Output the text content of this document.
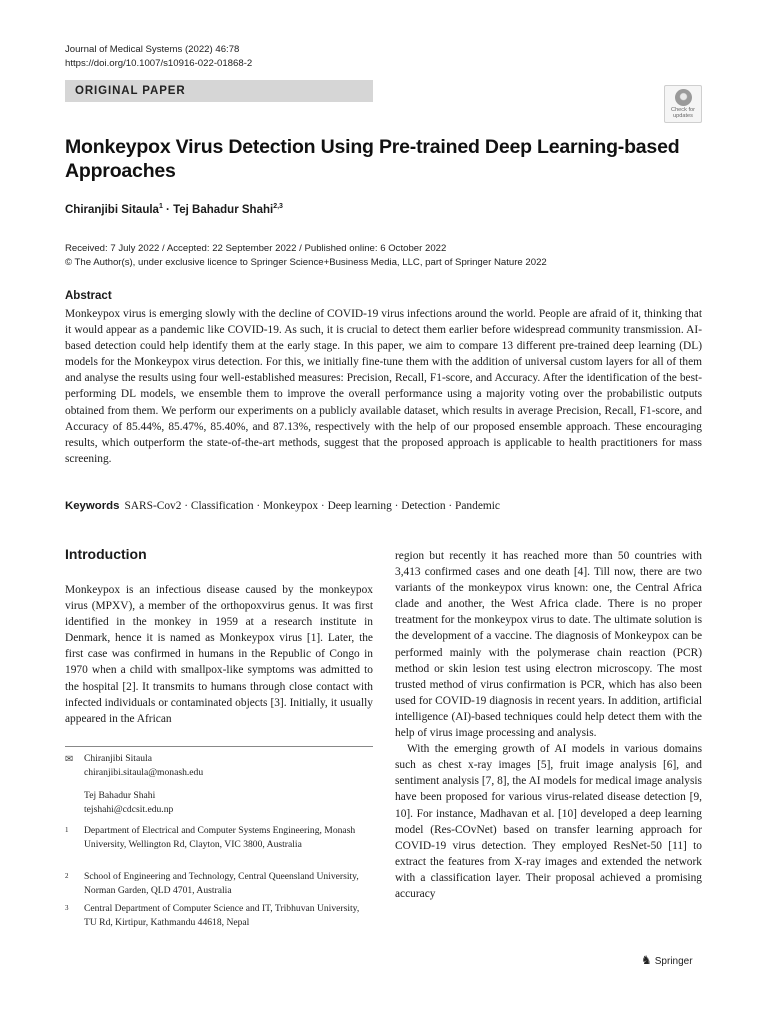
Journal of Medical Systems (2022) 46:78
https://doi.org/10.1007/s10916-022-01868-2
ORIGINAL PAPER
Check for updates
Monkeypox Virus Detection Using Pre-trained Deep Learning-based Approaches
Chiranjibi Sitaula$^1$ · Tej Bahadur Shahi$^{2,3}$
Received: 7 July 2022 / Accepted: 22 September 2022 / Published online: 6 October 2022
© The Author(s), under exclusive licence to Springer Science+Business Media, LLC, part of Springer Nature 2022
Abstract
Monkeypox virus is emerging slowly with the decline of COVID-19 virus infections around the world. People are afraid of it, thinking that it would appear as a pandemic like COVID-19. As such, it is crucial to detect them earlier before widespread community transmission. AI-based detection could help identify them at the early stage. In this paper, we aim to compare 13 different pre-trained deep learning (DL) models for the Monkeypox virus detection. For this, we initially fine-tune them with the addition of universal custom layers for all of them and analyse the results using four well-established measures: Precision, Recall, F1-score, and Accuracy. After the identification of the best-performing DL models, we ensemble them to improve the overall performance using a majority voting over the probabilistic outputs obtained from them. We perform our experiments on a publicly available dataset, which results in average Precision, Recall, F1-score, and Accuracy of 85.44%, 85.47%, 85.40%, and 87.13%, respectively with the help of our proposed ensemble approach. These encouraging results, which outperform the state-of-the-art methods, suggest that the proposed approach is applicable to health practitioners for mass screening.
Keywords SARS-Cov2 · Classification · Monkeypox · Deep learning · Detection · Pandemic
Introduction
Monkeypox is an infectious disease caused by the monkeypox virus (MPXV), a member of the orthopoxvirus genus. It was first identified in the monkey in 1959 at a research institute in Denmark, hence it is named as Monkeypox virus [1]. Later, the first case was confirmed in humans in the Republic of Congo in 1970 when a child with smallpox-like symptoms was admitted to the hospital [2]. It transmits to humans through close contact with infected individuals or contaminated objects [3]. Initially, it usually appeared in the African

region but recently it has reached more than 50 countries with 3,413 confirmed cases and one death [4]. Till now, there are two variants of the monkeypox virus known: one, the Central Africa clade and another, the West Africa clade. There is no proper treatment for the monkeypox virus to date. The ultimate solution is the development of a vaccine. The diagnosis of Monkeypox can be performed mainly with the polymerase chain reaction (PCR) method or skin lesion test using electron microscopy. The most trusted method of virus confirmation is PCR, which has also been used for COVID-19 diagnosis in recent years. In addition, artificial intelligence (AI)-based techniques could help detect them with the help of virus image processing and analysis.

With the emerging growth of AI models in various domains such as chest x-ray images [5], fruit image analysis [6], and sentiment analysis [7, 8], the AI models for medical image analysis have been proposed for various virus-related disease detection [9, 10]. For instance, Madhavan et al. [10] developed a deep learning model (Res-COvNet) based on transfer learning approach for COVID-19 virus detection. They employed ResNet-50 [11] to extract the features from X-ray images and extended the network with a classification layer. Their proposal achieved a promising accuracy

✉ Chiranjibi Sitaula
chiranjibi.sitaula@monash.edu
Tej Bahadur Shahi
tejshahi@cdcsit.edu.np
1 Department of Electrical and Computer Systems Engineering, Monash University, Wellington Rd, Clayton, VIC 3800, Australia
2 School of Engineering and Technology, Central Queensland University, Norman Garden, QLD 4701, Australia
3 Central Department of Computer Science and IT, Tribhuvan University, TU Rd, Kirtipur, Kathmandu 44618, Nepal
♞ Springer
